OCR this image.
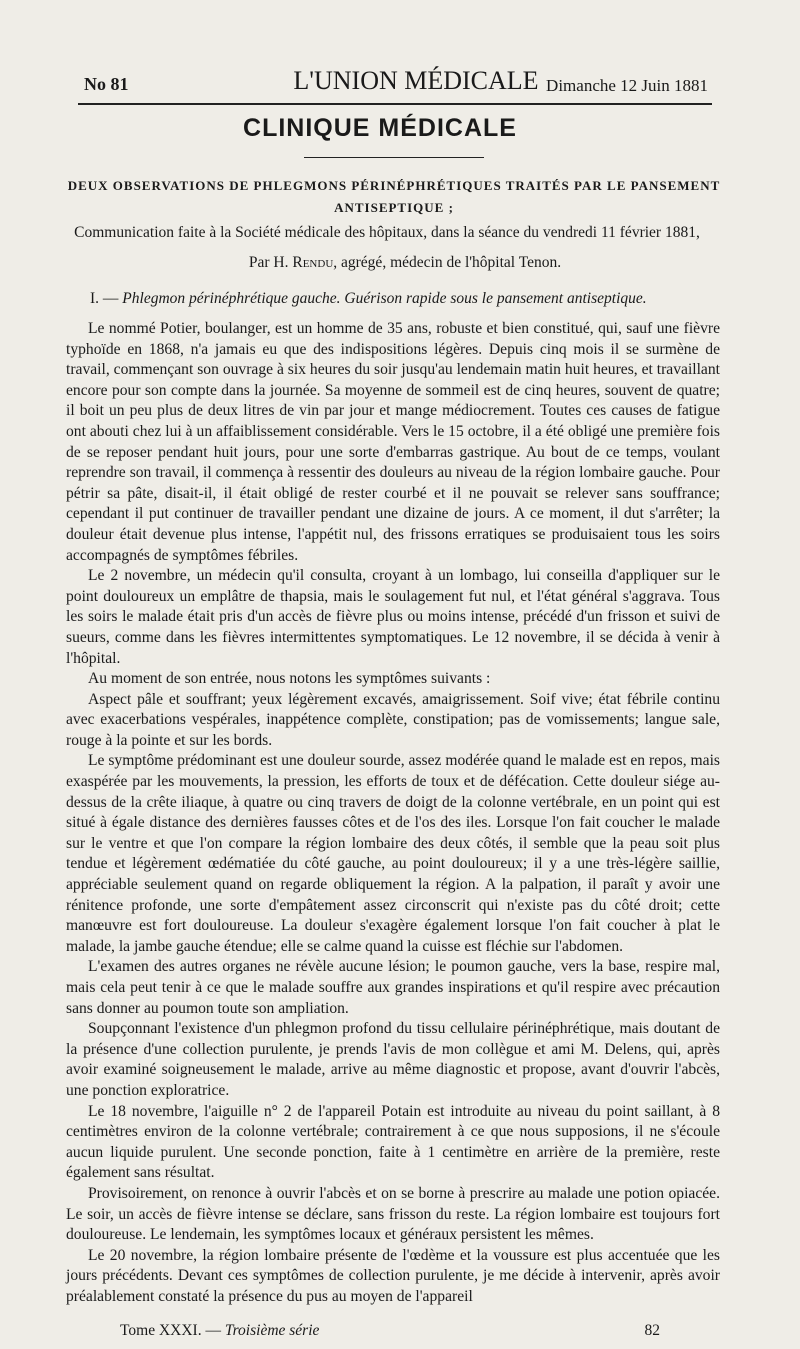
No 81	L'UNION MÉDICALE Dimanche 12 Juin 1881
CLINIQUE MÉDICALE
DEUX OBSERVATIONS DE PHLEGMONS PÉRINÉPHRÉTIQUES TRAITÉS PAR LE PANSEMENT ANTISEPTIQUE ;
Communication faite à la Société médicale des hôpitaux, dans la séance du vendredi 11 février 1881,
Par H. Rendu, agrégé, médecin de l'hôpital Tenon.
I. — Phlegmon périnéphrétique gauche. Guérison rapide sous le pansement antiseptique.

Le nommé Potier, boulanger, est un homme de 35 ans, robuste et bien constitué, qui, sauf une fièvre typhoïde en 1868, n'a jamais eu que des indispositions légères. Depuis cinq mois il se surmène de travail, commençant son ouvrage à six heures du soir jusqu'au lendemain matin huit heures, et travaillant encore pour son compte dans la journée. Sa moyenne de sommeil est de cinq heures, souvent de quatre; il boit un peu plus de deux litres de vin par jour et mange médiocrement. Toutes ces causes de fatigue ont abouti chez lui à un affaiblissement considérable. Vers le 15 octobre, il a été obligé une première fois de se reposer pendant huit jours, pour une sorte d'embarras gastrique. Au bout de ce temps, voulant reprendre son travail, il commença à ressentir des douleurs au niveau de la région lombaire gauche. Pour pétrir sa pâte, disait-il, il était obligé de rester courbé et il ne pouvait se relever sans souffrance; cependant il put continuer de travailler pendant une dizaine de jours. A ce moment, il dut s'arrêter; la douleur était devenue plus intense, l'appétit nul, des frissons erratiques se produisaient tous les soirs accompagnés de symptômes fébriles.

Le 2 novembre, un médecin qu'il consulta, croyant à un lombago, lui conseilla d'appliquer sur le point douloureux un emplâtre de thapsia, mais le soulagement fut nul, et l'état général s'aggrava. Tous les soirs le malade était pris d'un accès de fièvre plus ou moins intense, précédé d'un frisson et suivi de sueurs, comme dans les fièvres intermittentes symptomatiques. Le 12 novembre, il se décida à venir à l'hôpital.

Au moment de son entrée, nous notons les symptômes suivants :

Aspect pâle et souffrant; yeux légèrement excavés, amaigrissement. Soif vive; état fébrile continu avec exacerbations vespérales, inappétence complète, constipation; pas de vomissements; langue sale, rouge à la pointe et sur les bords.

Le symptôme prédominant est une douleur sourde, assez modérée quand le malade est en repos, mais exaspérée par les mouvements, la pression, les efforts de toux et de défécation. Cette douleur siége au-dessus de la crête iliaque, à quatre ou cinq travers de doigt de la colonne vertébrale, en un point qui est situé à égale distance des dernières fausses côtes et de l'os des iles. Lorsque l'on fait coucher le malade sur le ventre et que l'on compare la région lombaire des deux côtés, il semble que la peau soit plus tendue et légèrement œdématiée du côté gauche, au point douloureux; il y a une très-légère saillie, appréciable seulement quand on regarde obliquement la région. A la palpation, il paraît y avoir une rénitence profonde, une sorte d'empâtement assez circonscrit qui n'existe pas du côté droit; cette manœuvre est fort douloureuse. La douleur s'exagère également lorsque l'on fait coucher à plat le malade, la jambe gauche étendue; elle se calme quand la cuisse est fléchie sur l'abdomen.

L'examen des autres organes ne révèle aucune lésion; le poumon gauche, vers la base, respire mal, mais cela peut tenir à ce que le malade souffre aux grandes inspirations et qu'il respire avec précaution sans donner au poumon toute son ampliation.

Soupçonnant l'existence d'un phlegmon profond du tissu cellulaire périnéphrétique, mais doutant de la présence d'une collection purulente, je prends l'avis de mon collègue et ami M. Delens, qui, après avoir examiné soigneusement le malade, arrive au même diagnostic et propose, avant d'ouvrir l'abcès, une ponction exploratrice.

Le 18 novembre, l'aiguille n° 2 de l'appareil Potain est introduite au niveau du point saillant, à 8 centimètres environ de la colonne vertébrale; contrairement à ce que nous supposions, il ne s'écoule aucun liquide purulent. Une seconde ponction, faite à 1 centimètre en arrière de la première, reste également sans résultat.

Provisoirement, on renonce à ouvrir l'abcès et on se borne à prescrire au malade une potion opiacée. Le soir, un accès de fièvre intense se déclare, sans frisson du reste. La région lombaire est toujours fort douloureuse. Le lendemain, les symptômes locaux et généraux persistent les mêmes.

Le 20 novembre, la région lombaire présente de l'œdème et la voussure est plus accentuée que les jours précédents. Devant ces symptômes de collection purulente, je me décide à intervenir, après avoir préalablement constaté la présence du pus au moyen de l'appareil

Tome XXXI. — Troisième série	82
